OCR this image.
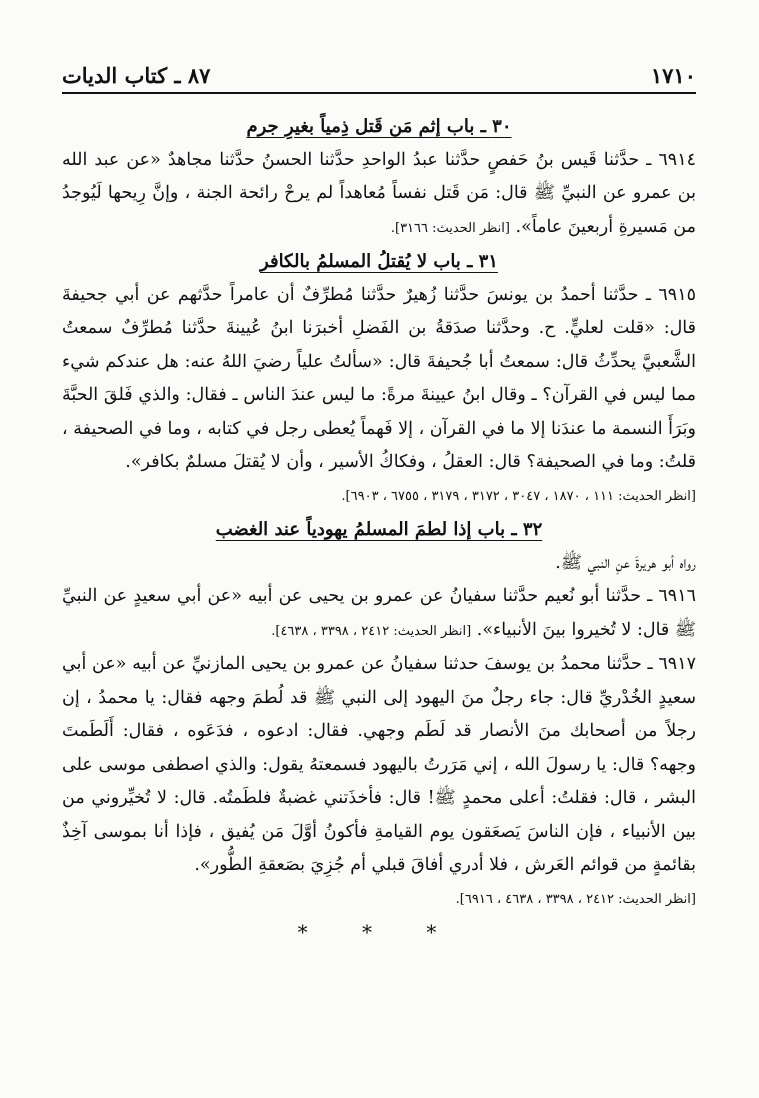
١٧١٠
٨٧ ـ كتاب الديات

٣٠ ـ باب إثم مَن قَتل ذِمياً بغيرِ جرم

٦٩١٤ ـ حدَّثنا قَيس بنُ حَفصٍ حدَّثنا عبدُ الواحدِ حدَّثنا الحسنُ حدَّثنا مجاهدٌ «عن عبد الله بن عمرو عن النبيِّ ﷺ قال: مَن قَتل نفساً مُعاهداً لم يرحْ رائحة الجنة ، وإنَّ رِيحها لَيُوجدُ من مَسيرةِ أربعينَ عاماً». [انظر الحديث: ٣١٦٦].

٣١ ـ باب لا يُقتلُ المسلمُ بالكافر

٦٩١٥ ـ حدَّثنا أحمدُ بن يونسَ حدَّثنا زُهيرٌ حدَّثنا مُطرِّفٌ أن عامراً حدَّثهم عن أبي جحيفةَ قال: «قلت لعليٍّ. ح. وحدَّثنا صدَقةُ بن الفَضلِ أخبرَنا ابنُ عُيينةَ حدَّثنا مُطرِّفٌ سمعتُ الشَّعبيَّ يحدِّثُ قال: سمعتُ أبا جُحيفةَ قال: «سألتُ علياً رضيَ اللهُ عنه: هل عندكم شيء مما ليس في القرآن؟ ـ وقال ابنُ عيينةَ مرةً: ما ليس عندَ الناس ـ فقال: والذي فَلقَ الحبَّةَ وبَرَأَ النسمة ما عندَنا إلا ما في القرآن ، إلا فَهماً يُعطى رجل في كتابه ، وما في الصحيفة ، قلتُ: وما في الصحيفة؟ قال: العقلُ ، وفكاكُ الأسير ، وأن لا يُقتلَ مسلمٌ بكافر».

[انظر الحديث: ١١١ ، ١٨٧٠ ، ٣٠٤٧ ، ٣١٧٢ ، ٣١٧٩ ، ٦٧٥٥ ، ٦٩٠٣].

٣٢ ـ باب إذا لطمَ المسلمُ يهودياً عند الغضب

رواه أبو هريرةَ عنِ النبي ﷺ.

٦٩١٦ ـ حدَّثنا أبو نُعيم حدَّثنا سفيانُ عن عمرو بن يحيى عن أبيه «عن أبي سعيدٍ عن النبيِّ ﷺ قال: لا تُخيروا بينَ الأنبياء». [انظر الحديث: ٢٤١٢ ، ٣٣٩٨ ، ٤٦٣٨].

٦٩١٧ ـ حدَّثنا محمدُ بن يوسفَ حدثنا سفيانُ عن عمرو بن يحيى المازنيِّ عن أبيه «عن أبي سعيدٍ الخُدْريِّ قال: جاء رجلٌ منَ اليهود إلى النبي ﷺ قد لُطمَ وجهه فقال: يا محمدُ ، إن رجلاً من أصحابك منَ الأنصار قد لَطَم وجهي. فقال: ادعوه ، فدَعَوه ، فقال: أَلَطَمتَ وجهه؟ قال: يا رسولَ الله ، إني مَرَرتُ باليهود فسمعتهُ يقول: والذي اصطفى موسى على البشر ، قال: فقلتُ: أعلى محمدٍ ﷺ! قال: فأخذَتني غضبةٌ فلطَمتُه. قال: لا تُخيِّروني من بين الأنبياء ، فإن الناسَ يَصعَقون يوم القيامةِ فأكونُ أوَّلَ مَن يُفيق ، فإذا أنا بموسى آخِذٌ بقائمةٍ من قوائم العَرش ، فلا أدري أفاقَ قبلي أم جُزِيَ بصَعقةِ الطُّور».

[انظر الحديث: ٢٤١٢ ، ٣٣٩٨ ، ٤٦٣٨ ، ٦٩١٦].

* * *
